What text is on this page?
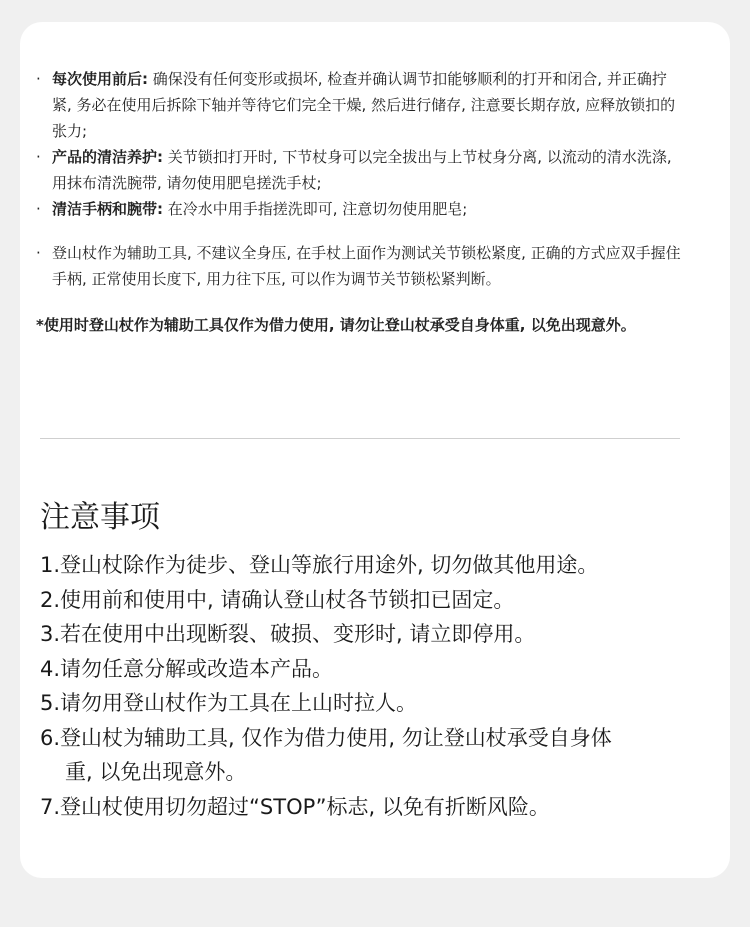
· 每次使用前后: 确保没有任何变形或损坏, 检查并确认调节扣能够顺利的打开和闭合, 并正确拧紧, 务必在使用后拆除下轴并等待它们完全干燥, 然后进行储存, 注意要长期存放, 应释放锁扣的张力;
· 产品的清洁养护: 关节锁扣打开时, 下节杖身可以完全拔出与上节杖身分离, 以流动的清水洗涤, 用抹布清洗腕带, 请勿使用肥皂搓洗手杖;
· 清洁手柄和腕带: 在冷水中用手指搓洗即可, 注意切勿使用肥皂;
· 登山杖作为辅助工具, 不建议全身压, 在手杖上面作为测试关节锁松紧度, 正确的方式应双手握住手柄, 正常使用长度下, 用力往下压, 可以作为调节关节锁松紧判断。
*使用时登山杖作为辅助工具仅作为借力使用, 请勿让登山杖承受自身体重, 以免出现意外。
注意事项
1.登山杖除作为徒步、登山等旅行用途外, 切勿做其他用途。
2.使用前和使用中, 请确认登山杖各节锁扣已固定。
3.若在使用中出现断裂、破损、变形时, 请立即停用。
4.请勿任意分解或改造本产品。
5.请勿用登山杖作为工具在上山时拉人。
6.登山杖为辅助工具, 仅作为借力使用, 勿让登山杖承受自身体
重, 以免出现意外。
7.登山杖使用切勿超过“STOP”标志, 以免有折断风险。
